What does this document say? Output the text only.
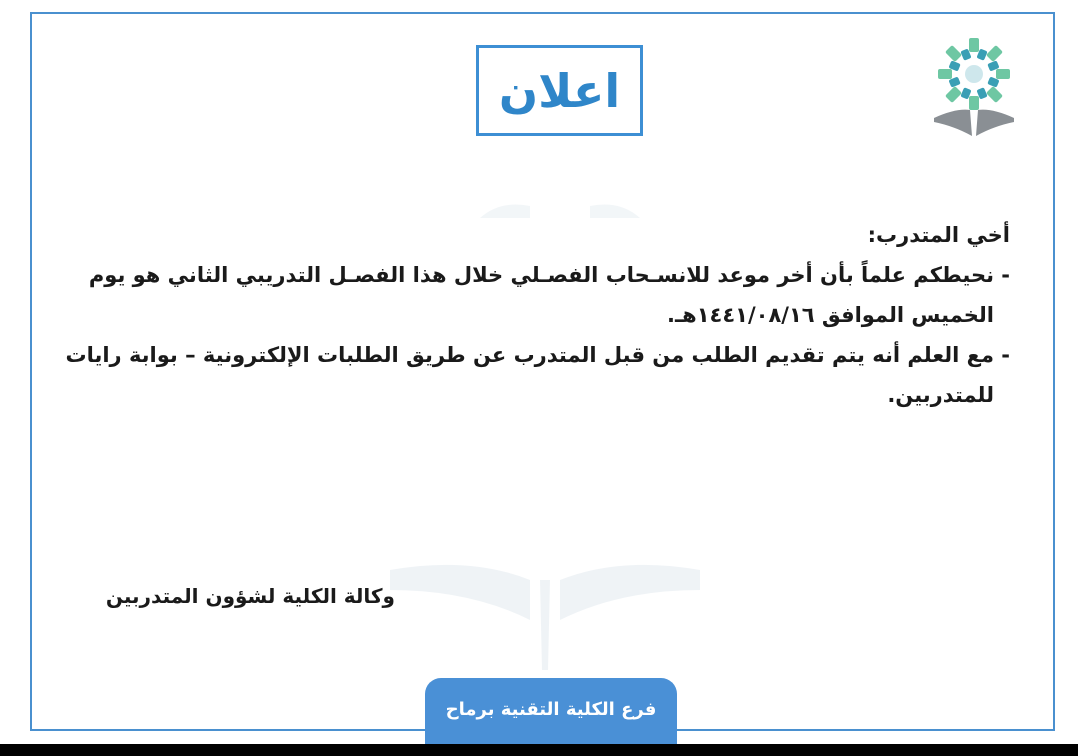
اعلان
أخي المتدرب:
- نحيطكم علماً بأن أخر موعد للانسـحاب الفصـلي خلال هذا الفصـل التدريبي الثاني هو يوم
الخميس الموافق ١٤٤١/٠٨/١٦هـ.
- مع العلم أنه يتم تقديم الطلب من قبل المتدرب عن طريق الطلبات الإلكترونية – بوابة رايات
للمتدربين.
وكالة الكلية لشؤون المتدربين
فرع الكلية التقنية برماح
